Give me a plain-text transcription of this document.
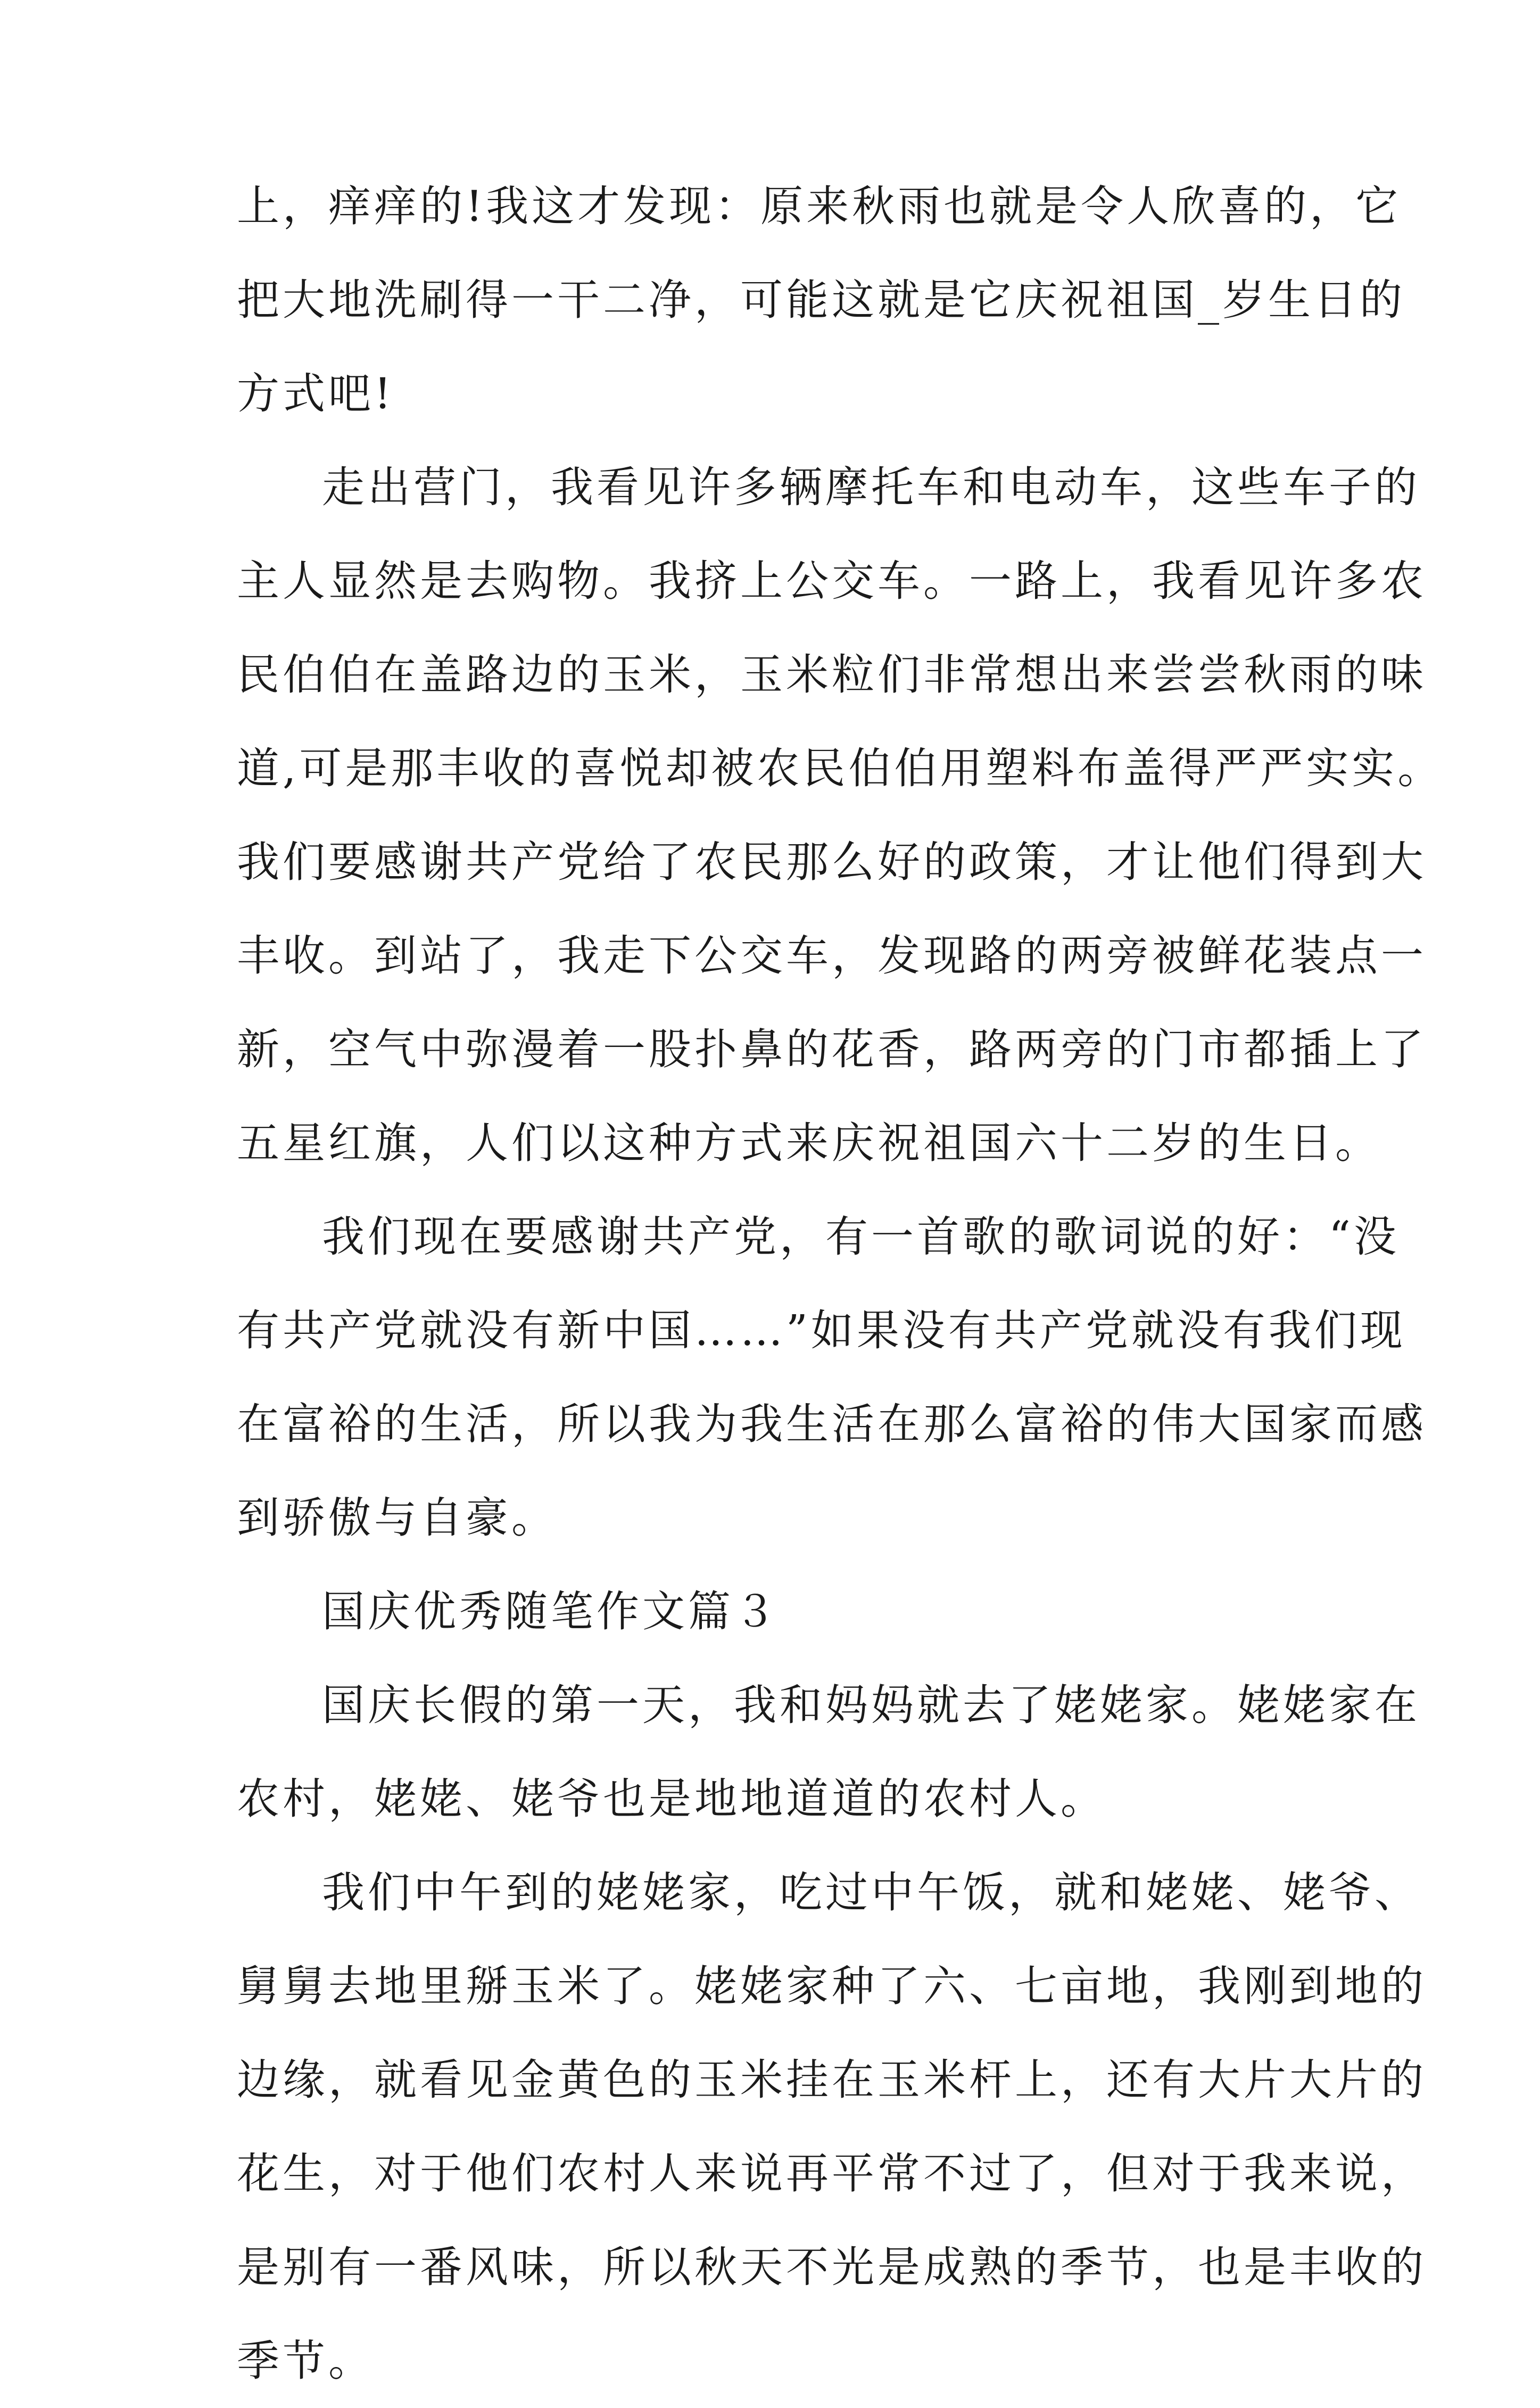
上，痒痒的!我这才发现：原来秋雨也就是令人欣喜的，它
把大地洗刷得一干二净，可能这就是它庆祝祖国_岁生日的
方式吧!
走出营门，我看见许多辆摩托车和电动车，这些车子的
主人显然是去购物。我挤上公交车。一路上，我看见许多农
民伯伯在盖路边的玉米，玉米粒们非常想出来尝尝秋雨的味
道,可是那丰收的喜悦却被农民伯伯用塑料布盖得严严实实。
我们要感谢共产党给了农民那么好的政策，才让他们得到大
丰收。到站了，我走下公交车，发现路的两旁被鲜花装点一
新，空气中弥漫着一股扑鼻的花香，路两旁的门市都插上了
五星红旗，人们以这种方式来庆祝祖国六十二岁的生日。
我们现在要感谢共产党，有一首歌的歌词说的好：“没
有共产党就没有新中国……”如果没有共产党就没有我们现
在富裕的生活，所以我为我生活在那么富裕的伟大国家而感
到骄傲与自豪。
国庆优秀随笔作文篇３
国庆长假的第一天，我和妈妈就去了姥姥家。姥姥家在
农村，姥姥、姥爷也是地地道道的农村人。
我们中午到的姥姥家，吃过中午饭，就和姥姥、姥爷、
舅舅去地里掰玉米了。姥姥家种了六、七亩地，我刚到地的
边缘，就看见金黄色的玉米挂在玉米杆上，还有大片大片的
花生，对于他们农村人来说再平常不过了，但对于我来说，
是别有一番风味，所以秋天不光是成熟的季节，也是丰收的
季节。
